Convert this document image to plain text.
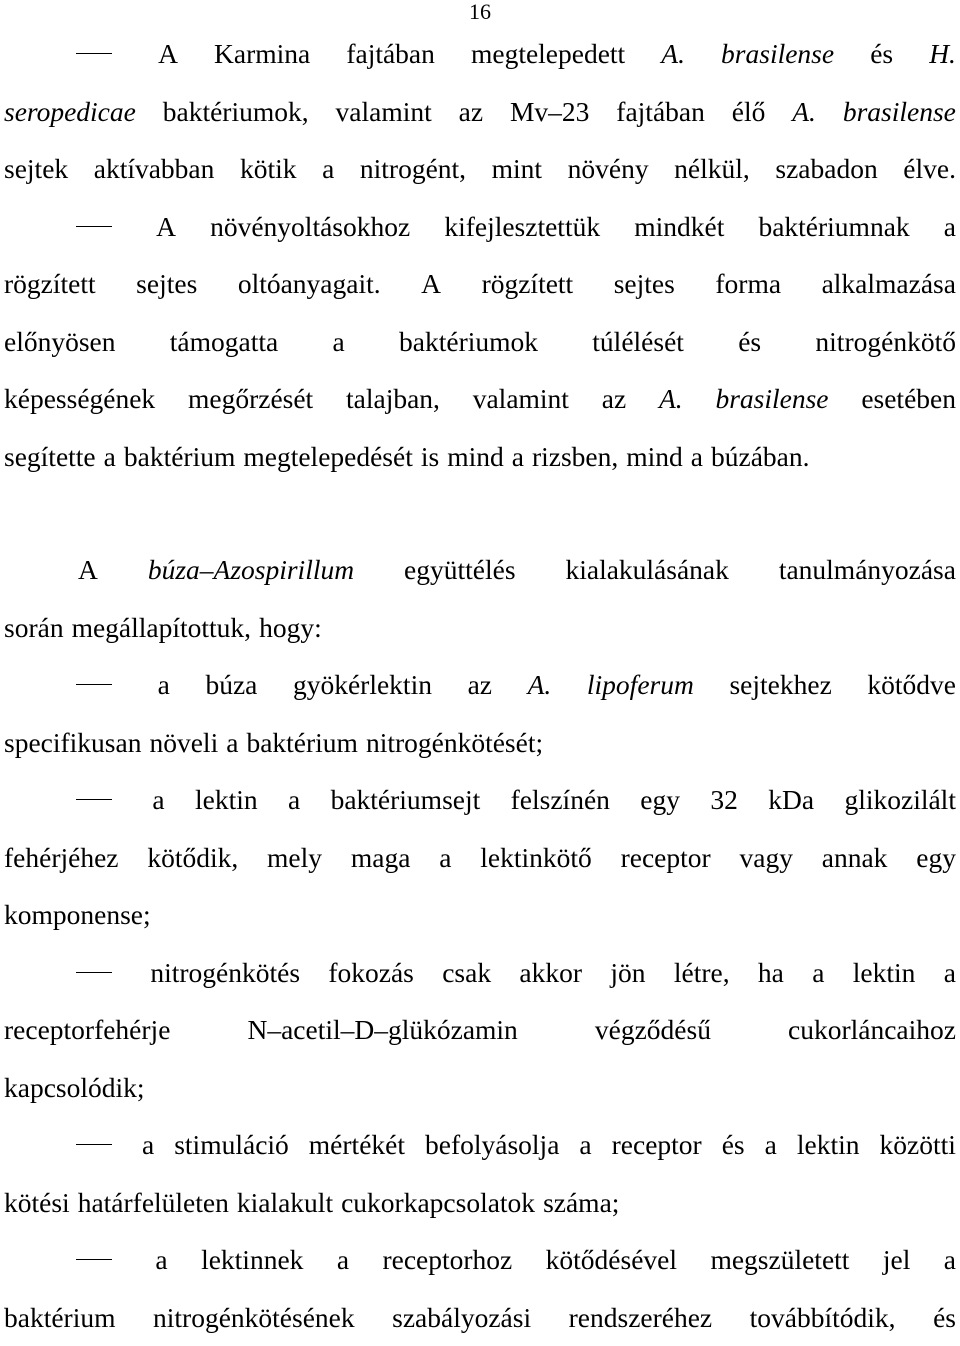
16
A Karmina fajtában megtelepedett A. brasilense és H.
seropedicae baktériumok, valamint az Mv–23 fajtában élő A. brasilense
sejtek aktívabban kötik a nitrogént, mint növény nélkül, szabadon élve.
A növényoltásokhoz kifejlesztettük mindkét baktériumnak a
rögzített sejtes oltóanyagait. A rögzített sejtes forma alkalmazása
előnyösen támogatta a baktériumok túlélését és nitrogénkötő
képességének megőrzését talajban, valamint az A. brasilense esetében
segítette a baktérium megtelepedését is mind a rizsben, mind a búzában.
A búza–Azospirillum együttélés kialakulásának tanulmányozása
során megállapítottuk, hogy:
a búza gyökérlektin az A. lipoferum sejtekhez kötődve
specifikusan növeli a baktérium nitrogénkötését;
a lektin a baktériumsejt felszínén egy 32 kDa glikozilált
fehérjéhez kötődik, mely maga a lektinkötő receptor vagy annak egy
komponense;
nitrogénkötés fokozás csak akkor jön létre, ha a lektin a
receptorfehérje	N–acetil–D–glükózamin	végződésű	cukorláncaihoz
kapcsolódik;
a stimuláció mértékét befolyásolja a receptor és a lektin közötti
kötési határfelületen kialakult cukorkapcsolatok száma;
a lektinnek a receptorhoz kötődésével megszületett jel a
baktérium nitrogénkötésének szabályozási rendszeréhez továbbítódik, és
